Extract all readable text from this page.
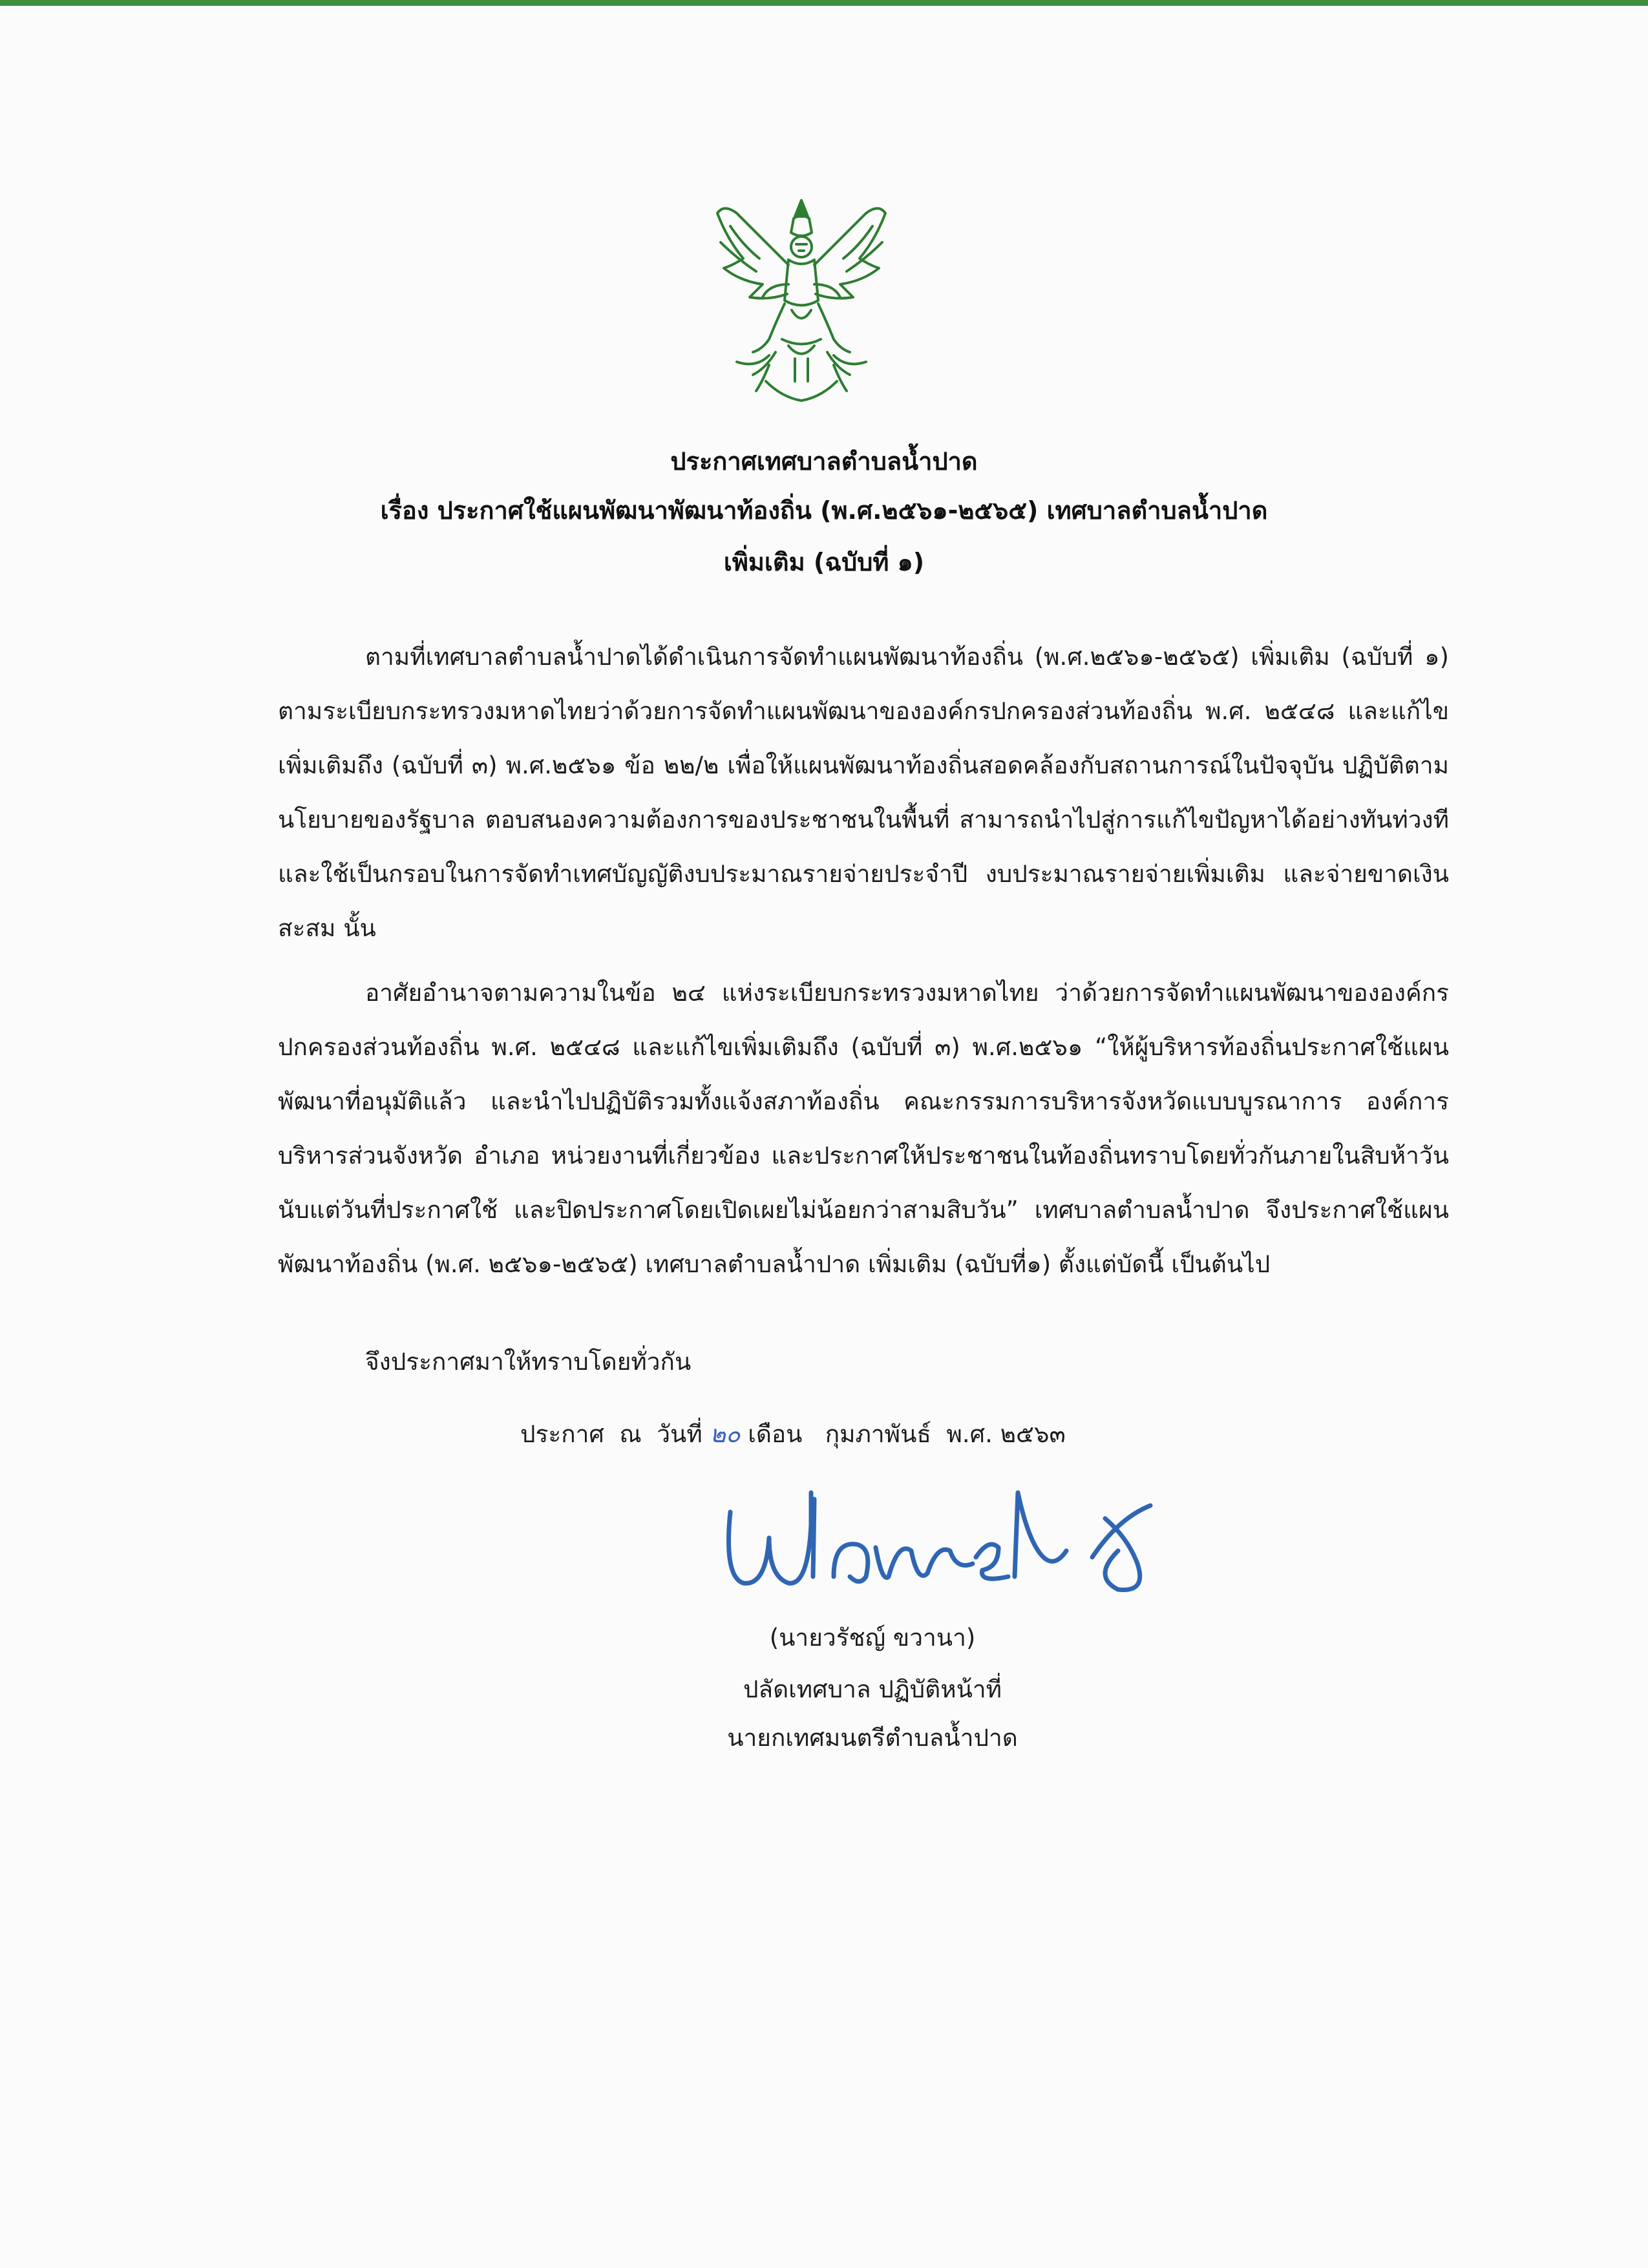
ประกาศเทศบาลตำบลน้ำปาด
เรื่อง ประกาศใช้แผนพัฒนาพัฒนาท้องถิ่น (พ.ศ.๒๕๖๑-๒๕๖๕) เทศบาลตำบลน้ำปาด
เพิ่มเติม (ฉบับที่ ๑)
ตามที่เทศบาลตำบลน้ำปาดได้ดำเนินการจัดทำแผนพัฒนาท้องถิ่น (พ.ศ.๒๕๖๑-๒๕๖๕) เพิ่มเติม (ฉบับที่ ๑) ตามระเบียบกระทรวงมหาดไทยว่าด้วยการจัดทำแผนพัฒนาขององค์กรปกครองส่วนท้องถิ่น พ.ศ. ๒๕๔๘ และแก้ไขเพิ่มเติมถึง (ฉบับที่ ๓) พ.ศ.๒๕๖๑ ข้อ ๒๒/๒ เพื่อให้แผนพัฒนาท้องถิ่นสอดคล้องกับสถานการณ์ในปัจจุบัน ปฏิบัติตามนโยบายของรัฐบาล ตอบสนองความต้องการของประชาชนในพื้นที่ สามารถนำไปสู่การแก้ไขปัญหาได้อย่างทันท่วงที และใช้เป็นกรอบในการจัดทำเทศบัญญัติงบประมาณรายจ่ายประจำปี งบประมาณรายจ่ายเพิ่มเติม และจ่ายขาดเงินสะสม นั้น
อาศัยอำนาจตามความในข้อ ๒๔ แห่งระเบียบกระทรวงมหาดไทย ว่าด้วยการจัดทำแผนพัฒนาขององค์กรปกครองส่วนท้องถิ่น พ.ศ. ๒๕๔๘ และแก้ไขเพิ่มเติมถึง (ฉบับที่ ๓) พ.ศ.๒๕๖๑ “ให้ผู้บริหารท้องถิ่นประกาศใช้แผนพัฒนาที่อนุมัติแล้ว และนำไปปฏิบัติรวมทั้งแจ้งสภาท้องถิ่น คณะกรรมการบริหารจังหวัดแบบบูรณาการ องค์การบริหารส่วนจังหวัด อำเภอ หน่วยงานที่เกี่ยวข้อง และประกาศให้ประชาชนในท้องถิ่นทราบโดยทั่วกันภายในสิบห้าวันนับแต่วันที่ประกาศใช้ และปิดประกาศโดยเปิดเผยไม่น้อยกว่าสามสิบวัน” เทศบาลตำบลน้ำปาด จึงประกาศใช้แผนพัฒนาท้องถิ่น (พ.ศ. ๒๕๖๑-๒๕๖๕) เทศบาลตำบลน้ำปาด เพิ่มเติม (ฉบับที่๑) ตั้งแต่บัดนี้ เป็นต้นไป
จึงประกาศมาให้ทราบโดยทั่วกัน
ประกาศ  ณ  วันที่ ๒๐ เดือน   กุมภาพันธ์  พ.ศ. ๒๕๖๓
(นายวรัชญ์ ขวานา)
ปลัดเทศบาล ปฏิบัติหน้าที่
นายกเทศมนตรีตำบลน้ำปาด
